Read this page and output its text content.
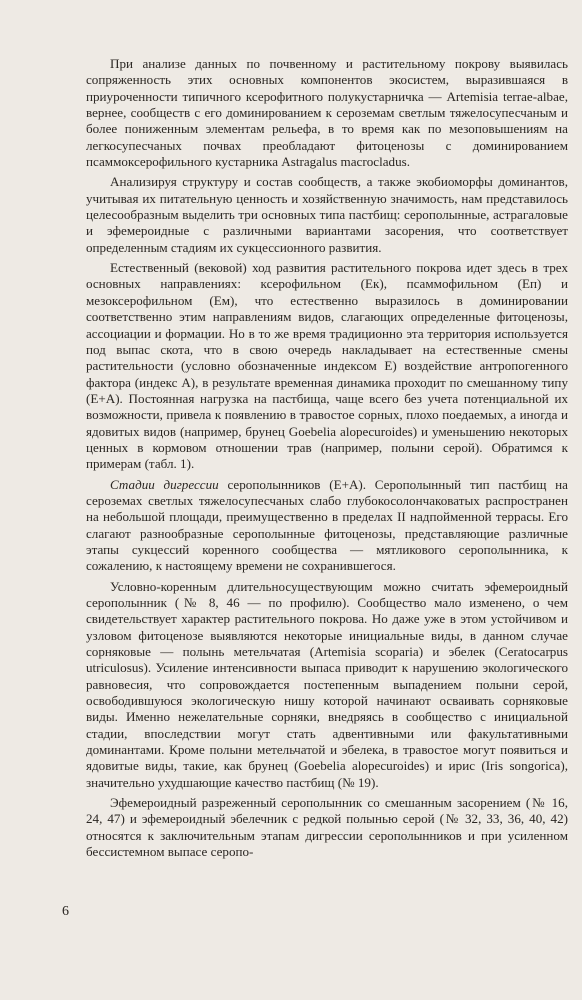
При анализе данных по почвенному и растительному покрову выявилась сопряженность этих основных компонентов экосистем, выразившаяся в приуроченности типичного ксерофитного полукустарничка — Artemisia terrae-albae, вернее, сообществ с его доминированием к сероземам светлым тяжелосупесчаным и более пониженным элементам рельефа, в то время как по мезоповышениям на легкосупесчаных почвах преобладают фитоценозы с доминированием псаммоксерофильного кустарника Astragalus macrocladus.

Анализируя структуру и состав сообществ, а также экобиоморфы доминантов, учитывая их питательную ценность и хозяйственную значимость, нам представилось целесообразным выделить три основных типа пастбищ: серополынные, астрагаловые и эфемероидные с различными вариантами засорения, что соответствует определенным стадиям их сукцессионного развития.

Естественный (вековой) ход развития растительного покрова идет здесь в трех основных направлениях: ксерофильном (Eк), псаммофильном (Eп) и мезоксерофильном (Eм), что естественно выразилось в доминировании соответственно этим направлениям видов, слагающих определенные фитоценозы, ассоциации и формации. Но в то же время традиционно эта территория используется под выпас скота, что в свою очередь накладывает на естественные смены растительности (условно обозначенные индексом E) воздействие антропогенного фактора (индекс А), в результате временная динамика проходит по смешанному типу (E+A). Постоянная нагрузка на пастбища, чаще всего без учета потенциальной их возможности, привела к появлению в травостое сорных, плохо поедаемых, а иногда и ядовитых видов (например, брунец Goebelia alopecuroides) и уменьшению некоторых ценных в кормовом отношении трав (например, полыни серой). Обратимся к примерам (табл. 1).

Стадии дигрессии серополынников (E+A). Серополынный тип пастбищ на сероземах светлых тяжелосупесчаных слабо глубокосолончаковатых распространен на небольшой площади, преимущественно в пределах II надпойменной террасы. Его слагают разнообразные серополынные фитоценозы, представляющие различные этапы сукцессий коренного сообщества — мятликового серополынника, к сожалению, к настоящему времени не сохранившегося.

Условно-коренным длительносуществующим можно считать эфемероидный серополынник (№ 8, 46 — по профилю). Сообщество мало изменено, о чем свидетельствует характер растительного покрова. Но даже уже в этом устойчивом и узловом фитоценозе выявляются некоторые инициальные виды, в данном случае сорняковые — полынь метельчатая (Artemisia scoparia) и эбелек (Ceratocarpus utriculosus). Усиление интенсивности выпаса приводит к нарушению экологического равновесия, что сопровождается постепенным выпадением полыни серой, освободившуюся экологическую нишу которой начинают осваивать сорняковые виды. Именно нежелательные сорняки, внедряясь в сообщество с инициальной стадии, впоследствии могут стать адвентивными или факультативными доминантами. Кроме полыни метельчатой и эбелека, в травостое могут появиться и ядовитые виды, такие, как брунец (Goebelia alopecuroides) и ирис (Iris songorica), значительно ухудшающие качество пастбищ (№ 19).

Эфемероидный разреженный серополынник со смешанным засорением (№ 16, 24, 47) и эфемероидный эбелечник с редкой полынью серой (№ 32, 33, 36, 40, 42) относятся к заключительным этапам дигрессии серополынников и при усиленном бессистемном выпасе серопо-

6
